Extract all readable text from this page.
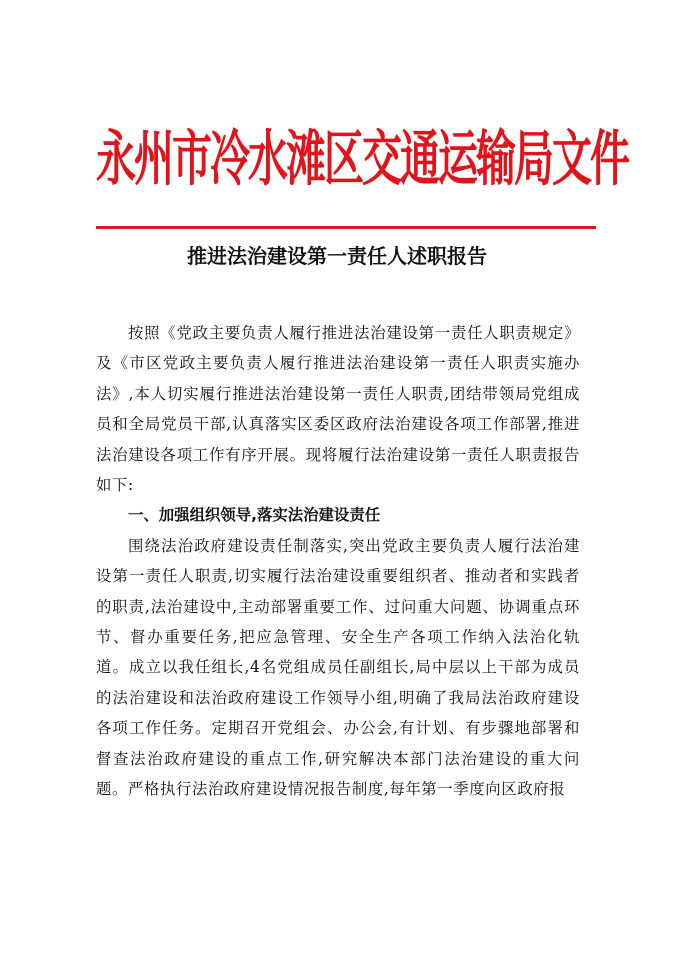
永州市冷水滩区交通运输局文件
推进法治建设第一责任人述职报告

按照《党政主要负责人履行推进法治建设第一责任人职责规定》及《市区党政主要负责人履行推进法治建设第一责任人职责实施办法》,本人切实履行推进法治建设第一责任人职责,团结带领局党组成员和全局党员干部,认真落实区委区政府法治建设各项工作部署,推进法治建设各项工作有序开展。现将履行法治建设第一责任人职责报告如下:

一、加强组织领导,落实法治建设责任

围绕法治政府建设责任制落实,突出党政主要负责人履行法治建设第一责任人职责,切实履行法治建设重要组织者、推动者和实践者的职责,法治建设中,主动部署重要工作、过问重大问题、协调重点环节、督办重要任务,把应急管理、安全生产各项工作纳入法治化轨道。成立以我任组长,4名党组成员任副组长,局中层以上干部为成员的法治建设和法治政府建设工作领导小组,明确了我局法治政府建设各项工作任务。定期召开党组会、办公会,有计划、有步骤地部署和督查法治政府建设的重点工作,研究解决本部门法治建设的重大问题。严格执行法治政府建设情况报告制度,每年第一季度向区政府报
